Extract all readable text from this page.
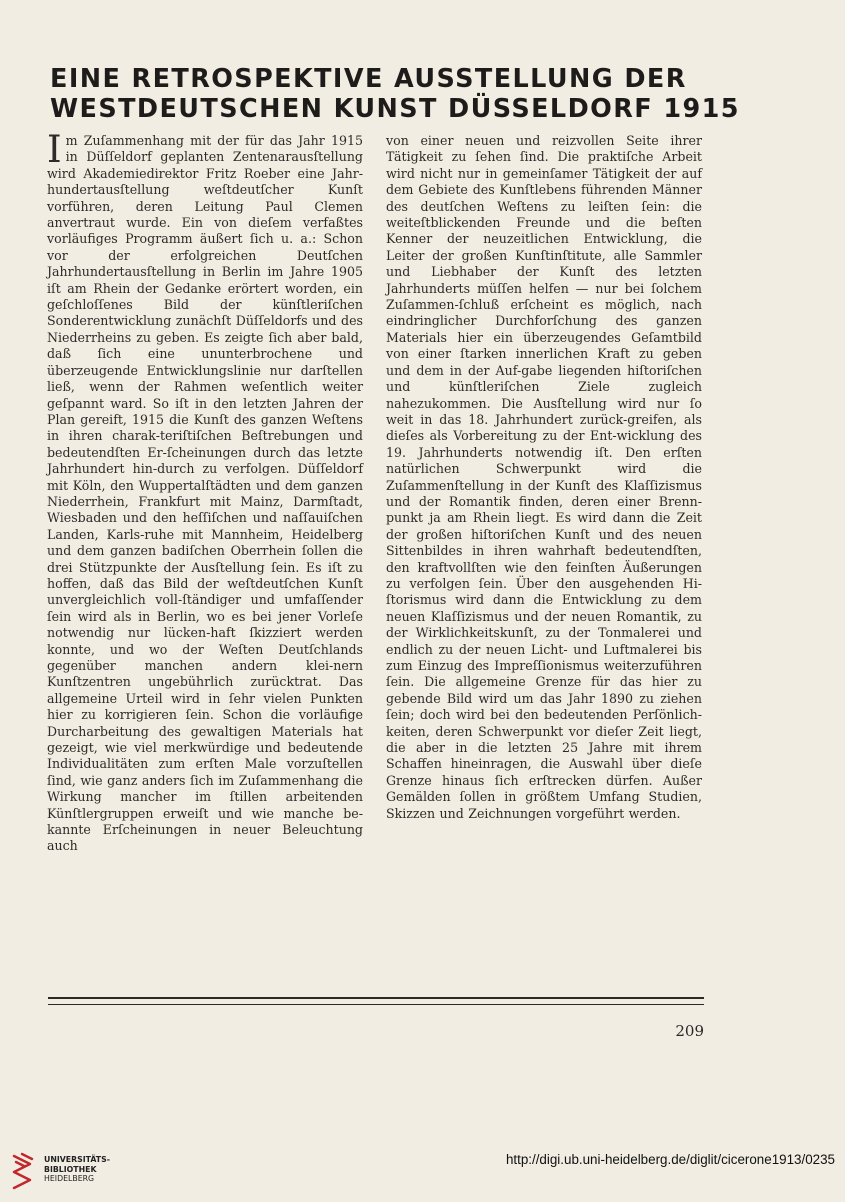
EINE RETROSPEKTIVE AUSSTELLUNG DER
WESTDEUTSCHEN KUNST DÜSSELDORF 1915

Im Zuſammenhang mit der für das Jahr 1915 in Düſſeldorf geplanten Zentenarausſtellung wird Akademiedirektor Fritz Roeber eine Jahr-hundertausſtellung weſtdeutſcher Kunſt vorführen, deren Leitung Paul Clemen anvertraut wurde. Ein von dieſem verfaßtes vorläufiges Programm äußert ſich u. a.: Schon vor der erfolgreichen Deutſchen Jahrhundertausſtellung in Berlin im Jahre 1905 iſt am Rhein der Gedanke erörtert worden, ein geſchloſſenes Bild der künſtleriſchen Sonderentwicklung zunächſt Düſſeldorfs und des Niederrheins zu geben. Es zeigte ſich aber bald, daß ſich eine ununterbrochene und überzeugende Entwicklungslinie nur darſtellen ließ, wenn der Rahmen weſentlich weiter geſpannt ward. So iſt in den letzten Jahren der Plan gereift, 1915 die Kunſt des ganzen Weſtens in ihren charak-teriſtiſchen Beſtrebungen und bedeutendſten Er-ſcheinungen durch das letzte Jahrhundert hin-durch zu verfolgen. Düſſeldorf mit Köln, den Wuppertalſtädten und dem ganzen Niederrhein, Frankfurt mit Mainz, Darmſtadt, Wiesbaden und den heſſiſchen und naſſauiſchen Landen, Karls-ruhe mit Mannheim, Heidelberg und dem ganzen badiſchen Oberrhein ſollen die drei Stützpunkte der Ausſtellung ſein. Es iſt zu hoffen, daß das Bild der weſtdeutſchen Kunſt unvergleichlich voll-ſtändiger und umfaſſender ſein wird als in Berlin, wo es bei jener Vorleſe notwendig nur lücken-haft ſkizziert werden konnte, und wo der Weſten Deutſchlands gegenüber manchen andern klei-nern Kunſtzentren ungebührlich zurücktrat. Das allgemeine Urteil wird in ſehr vielen Punkten hier zu korrigieren ſein. Schon die vorläufige Durcharbeitung des gewaltigen Materials hat gezeigt, wie viel merkwürdige und bedeutende Individualitäten zum erſten Male vorzuſtellen ſind, wie ganz anders ſich im Zuſammenhang die Wirkung mancher im ſtillen arbeitenden Künſtlergruppen erweiſt und wie manche be-kannte Erſcheinungen in neuer Beleuchtung auch

von einer neuen und reizvollen Seite ihrer Tätigkeit zu ſehen ſind. Die praktiſche Arbeit wird nicht nur in gemeinſamer Tätigkeit der auf dem Gebiete des Kunſtlebens führenden Männer des deutſchen Weſtens zu leiſten ſein: die weiteſtblickenden Freunde und die beſten Kenner der neuzeitlichen Entwicklung, die Leiter der großen Kunſtinſtitute, alle Sammler und Liebhaber der Kunſt des letzten Jahrhunderts müſſen helfen — nur bei ſolchem Zuſammen-ſchluß erſcheint es möglich, nach eindringlicher Durchforſchung des ganzen Materials hier ein überzeugendes Geſamtbild von einer ſtarken innerlichen Kraft zu geben und dem in der Auf-gabe liegenden hiſtoriſchen und künſtleriſchen Ziele zugleich nahezukommen. Die Ausſtellung wird nur ſo weit in das 18. Jahrhundert zurück-greifen, als dieſes als Vorbereitung zu der Ent-wicklung des 19. Jahrhunderts notwendig iſt. Den erſten natürlichen Schwerpunkt wird die Zuſammenſtellung in der Kunſt des Klaſſizismus und der Romantik finden, deren einer Brenn-punkt ja am Rhein liegt. Es wird dann die Zeit der großen hiſtoriſchen Kunſt und des neuen Sittenbildes in ihren wahrhaft bedeutendſten, den kraftvollſten wie den feinſten Äußerungen zu verfolgen ſein. Über den ausgehenden Hi-ſtorismus wird dann die Entwicklung zu dem neuen Klaſſizismus und der neuen Romantik, zu der Wirklichkeitskunſt, zu der Tonmalerei und endlich zu der neuen Licht- und Luftmalerei bis zum Einzug des Impreſſionismus weiterzuführen ſein. Die allgemeine Grenze für das hier zu gebende Bild wird um das Jahr 1890 zu ziehen ſein; doch wird bei den bedeutenden Perſönlich-keiten, deren Schwerpunkt vor dieſer Zeit liegt, die aber in die letzten 25 Jahre mit ihrem Schaffen hineinragen, die Auswahl über dieſe Grenze hinaus ſich erſtrecken dürfen. Außer Gemälden ſollen in größtem Umfang Studien, Skizzen und Zeichnungen vorgeführt werden.

209
UNIVERSITÄTS-
BIBLIOTHEK
HEIDELBERG
http://digi.ub.uni-heidelberg.de/diglit/cicerone1913/0235
